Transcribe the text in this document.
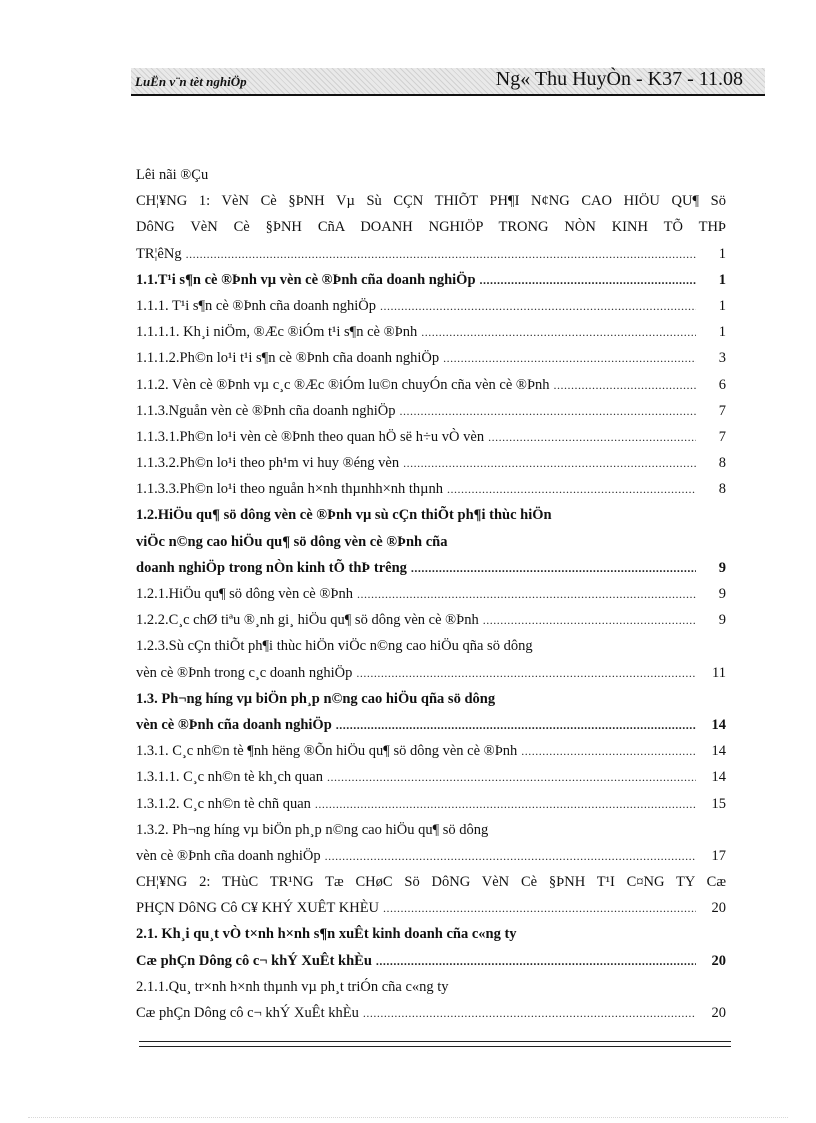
LuËn v¨n tèt nghiÖp	Ng« Thu HuyÒn - K37 - 11.08
Lêi nãi ®Çu
CH¦¥NG 1: VèN Cè §ÞNH Vµ Sù CÇN THIÕT PH¶I N¢NG CAO HIÖU QU¶ Sö
DôNG VèN Cè §ÞNH CñA DOANH NGHIÖP TRONG NÒN KINH TÕ THÞ
TR¦êNg .....	1
1.1.T¹i s¶n cè ®Þnh vµ vèn cè ®Þnh cña doanh nghiÖp .....	1
1.1.1. T¹i s¶n cè ®Þnh cña doanh nghiÖp .....	1
1.1.1.1. Kh¸i niÖm, ®Æc ®iÓm t¹i s¶n cè ®Þnh .....	1
1.1.1.2.Ph©n lo¹i t¹i s¶n cè ®Þnh cña doanh nghiÖp .....	3
1.1.2. Vèn cè ®Þnh vµ c¸c ®Æc ®iÓm lu©n chuyÓn cña vèn cè ®Þnh .....	6
1.1.3.Nguån vèn cè ®Þnh cña doanh nghiÖp .....	7
1.1.3.1.Ph©n lo¹i vèn cè ®Þnh theo quan hÖ së h÷u vÒ vèn .....	7
1.1.3.2.Ph©n lo¹i theo ph¹m vi huy ®éng vèn .....	8
1.1.3.3.Ph©n lo¹i theo nguån h×nh thµnhh×nh thµnh .....	8
1.2.HiÖu qu¶ sö dông vèn cè ®Þnh vµ sù cÇn thiÕt ph¶i thùc hiÖn
viÖc n©ng cao hiÖu qu¶ sö dông vèn cè ®Þnh cña
doanh nghiÖp trong nÒn kinh tÕ thÞ trêng .....	9
1.2.1.HiÖu qu¶ sö dông vèn cè ®Þnh .....	9
1.2.2.C¸c chØ tiªu ®¸nh gi¸ hiÖu qu¶ sö dông vèn cè ®Þnh .....	9
1.2.3.Sù cÇn thiÕt ph¶i thùc hiÖn viÖc n©ng cao hiÖu qña sö dông
vèn cè ®Þnh trong c¸c doanh nghiÖp .....	11
1.3. Ph¬ng híng vµ biÖn ph¸p n©ng cao hiÖu qña sö dông
vèn cè ®Þnh cña doanh nghiÖp .....	14
1.3.1. C¸c nh©n tè ¶nh hëng ®Õn hiÖu qu¶ sö dông vèn cè ®Þnh .....	14
1.3.1.1. C¸c nh©n tè kh¸ch quan .....	14
1.3.1.2. C¸c nh©n tè chñ quan .....	15
1.3.2. Ph¬ng híng vµ biÖn ph¸p n©ng cao hiÖu qu¶ sö dông
vèn cè ®Þnh cña doanh nghiÖp .....	17
CH¦¥NG 2: THùC TR¹NG Tæ CHøC Sö DôNG VèN Cè §ÞNH T¹I C¤NG TY Cæ
PHÇN DôNG Cô C¥ KHÝ XUÊT KHÈU .....	20
2.1. Kh¸i qu¸t vÒ t×nh h×nh s¶n xuÊt kinh doanh cña c«ng ty
Cæ phÇn Dông cô c¬ khÝ XuÊt khÈu .....	20
2.1.1.Qu¸ tr×nh h×nh thµnh vµ ph¸t triÓn cña c«ng ty
Cæ phÇn Dông cô c¬ khÝ XuÊt khÈu .....	20
